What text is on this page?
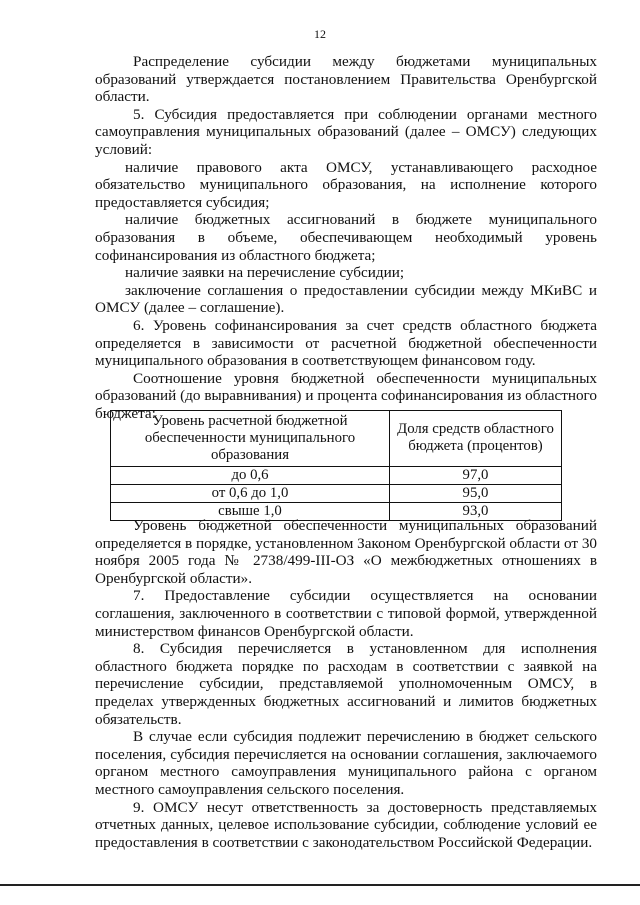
12

Распределение субсидии между бюджетами муниципальных образований утверждается постановлением Правительства Оренбургской области.

5. Субсидия предоставляется при соблюдении органами местного самоуправления муниципальных образований (далее – ОМСУ) следующих условий:

наличие правового акта ОМСУ, устанавливающего расходное обязательство муниципального образования, на исполнение которого предоставляется субсидия;

наличие бюджетных ассигнований в бюджете муниципального образования в объеме, обеспечивающем необходимый уровень софинансирования из областного бюджета;

наличие заявки на перечисление субсидии;

заключение соглашения о предоставлении субсидии между МКиВС и ОМСУ (далее – соглашение).

6. Уровень софинансирования за счет средств областного бюджета определяется в зависимости от расчетной бюджетной обеспеченности муниципального образования в соответствующем финансовом году.

Соотношение уровня бюджетной обеспеченности муниципальных образований (до выравнивания) и процента софинансирования из областного бюджета:

Уровень расчетной бюджетной обеспеченности муниципального образования	Доля средств областного бюджета (процентов)
до 0,6	97,0
от 0,6 до 1,0	95,0
свыше 1,0	93,0

Уровень бюджетной обеспеченности муниципальных образований определяется в порядке, установленном Законом Оренбургской области от 30 ноября 2005 года № 2738/499-III-ОЗ «О межбюджетных отношениях в Оренбургской области».

7. Предоставление субсидии осуществляется на основании соглашения, заключенного в соответствии с типовой формой, утвержденной министерством финансов Оренбургской области.

8. Субсидия перечисляется в установленном для исполнения областного бюджета порядке по расходам в соответствии с заявкой на перечисление субсидии, представляемой уполномоченным ОМСУ, в пределах утвержденных бюджетных ассигнований и лимитов бюджетных обязательств.

В случае если субсидия подлежит перечислению в бюджет сельского поселения, субсидия перечисляется на основании соглашения, заключаемого органом местного самоуправления муниципального района с органом местного самоуправления сельского поселения.

9. ОМСУ несут ответственность за достоверность представляемых отчетных данных, целевое использование субсидии, соблюдение условий ее предоставления в соответствии с законодательством Российской Федерации.
